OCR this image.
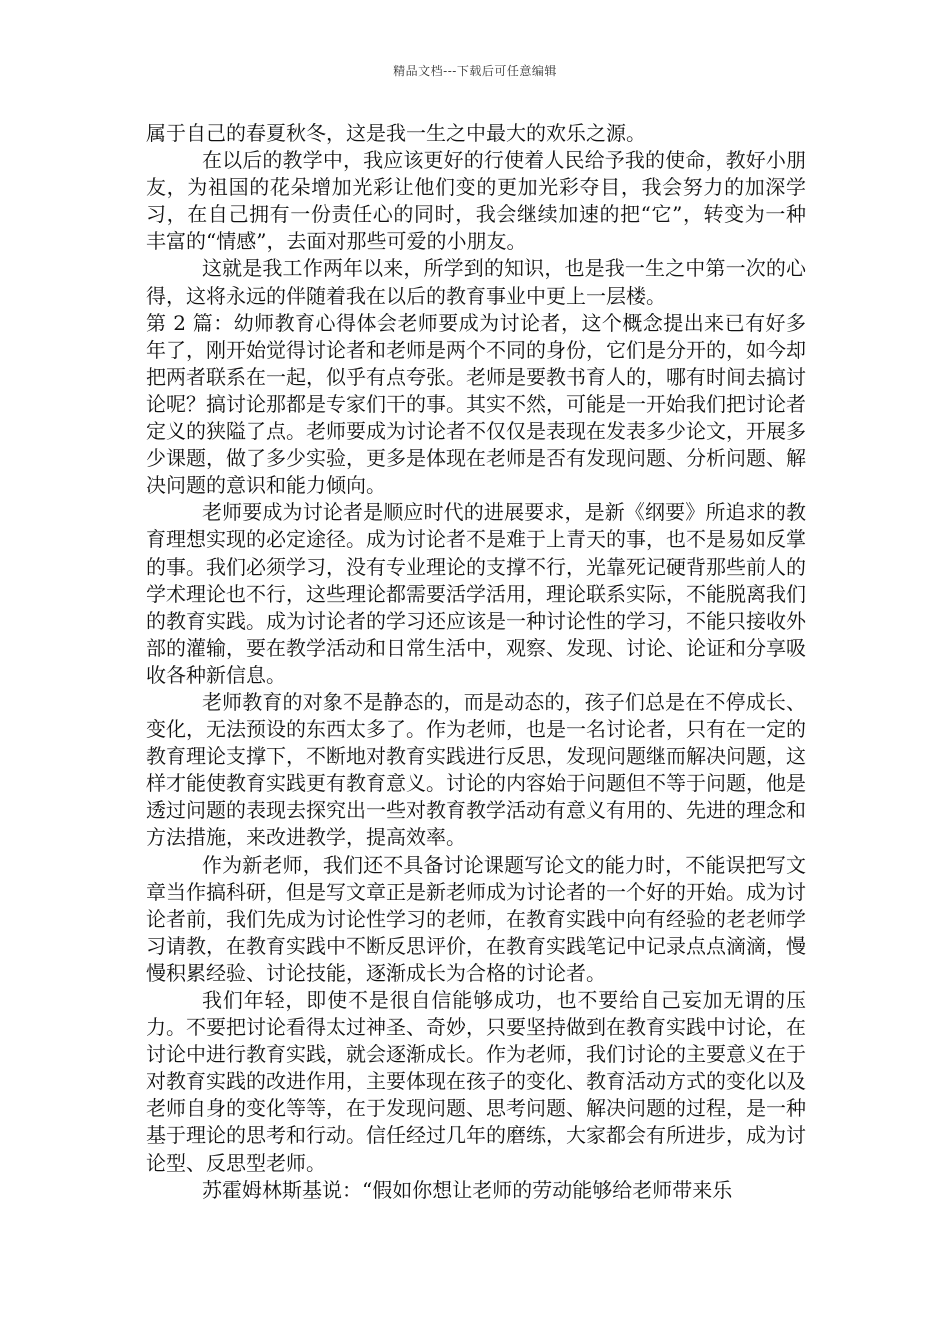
精品文档---下载后可任意编辑

属于自己的春夏秋冬，这是我一生之中最大的欢乐之源。

在以后的教学中，我应该更好的行使着人民给予我的使命，教好小朋友，为祖国的花朵增加光彩让他们变的更加光彩夺目，我会努力的加深学习，在自己拥有一份责任心的同时，我会继续加速的把“它”，转变为一种丰富的“情感”，去面对那些可爱的小朋友。

这就是我工作两年以来，所学到的知识，也是我一生之中第一次的心得，这将永远的伴随着我在以后的教育事业中更上一层楼。

第 2 篇：幼师教育心得体会老师要成为讨论者，这个概念提出来已有好多年了，刚开始觉得讨论者和老师是两个不同的身份，它们是分开的，如今却把两者联系在一起，似乎有点夸张。老师是要教书育人的，哪有时间去搞讨论呢？搞讨论那都是专家们干的事。其实不然，可能是一开始我们把讨论者定义的狭隘了点。老师要成为讨论者不仅仅是表现在发表多少论文，开展多少课题，做了多少实验，更多是体现在老师是否有发现问题、分析问题、解决问题的意识和能力倾向。

老师要成为讨论者是顺应时代的进展要求，是新《纲要》所追求的教育理想实现的必定途径。成为讨论者不是难于上青天的事，也不是易如反掌的事。我们必须学习，没有专业理论的支撑不行，光靠死记硬背那些前人的学术理论也不行，这些理论都需要活学活用，理论联系实际，不能脱离我们的教育实践。成为讨论者的学习还应该是一种讨论性的学习，不能只接收外部的灌输，要在教学活动和日常生活中，观察、发现、讨论、论证和分享吸收各种新信息。

老师教育的对象不是静态的，而是动态的，孩子们总是在不停成长、变化，无法预设的东西太多了。作为老师，也是一名讨论者，只有在一定的教育理论支撑下，不断地对教育实践进行反思，发现问题继而解决问题，这样才能使教育实践更有教育意义。讨论的内容始于问题但不等于问题，他是透过问题的表现去探究出一些对教育教学活动有意义有用的、先进的理念和方法措施，来改进教学，提高效率。

作为新老师，我们还不具备讨论课题写论文的能力时，不能误把写文章当作搞科研，但是写文章正是新老师成为讨论者的一个好的开始。成为讨论者前，我们先成为讨论性学习的老师，在教育实践中向有经验的老老师学习请教，在教育实践中不断反思评价，在教育实践笔记中记录点点滴滴，慢慢积累经验、讨论技能，逐渐成长为合格的讨论者。

我们年轻，即使不是很自信能够成功，也不要给自己妄加无谓的压力。不要把讨论看得太过神圣、奇妙，只要坚持做到在教育实践中讨论，在讨论中进行教育实践，就会逐渐成长。作为老师，我们讨论的主要意义在于对教育实践的改进作用，主要体现在孩子的变化、教育活动方式的变化以及老师自身的变化等等，在于发现问题、思考问题、解决问题的过程，是一种基于理论的思考和行动。信任经过几年的磨练，大家都会有所进步，成为讨论型、反思型老师。

苏霍姆林斯基说：“假如你想让老师的劳动能够给老师带来乐
